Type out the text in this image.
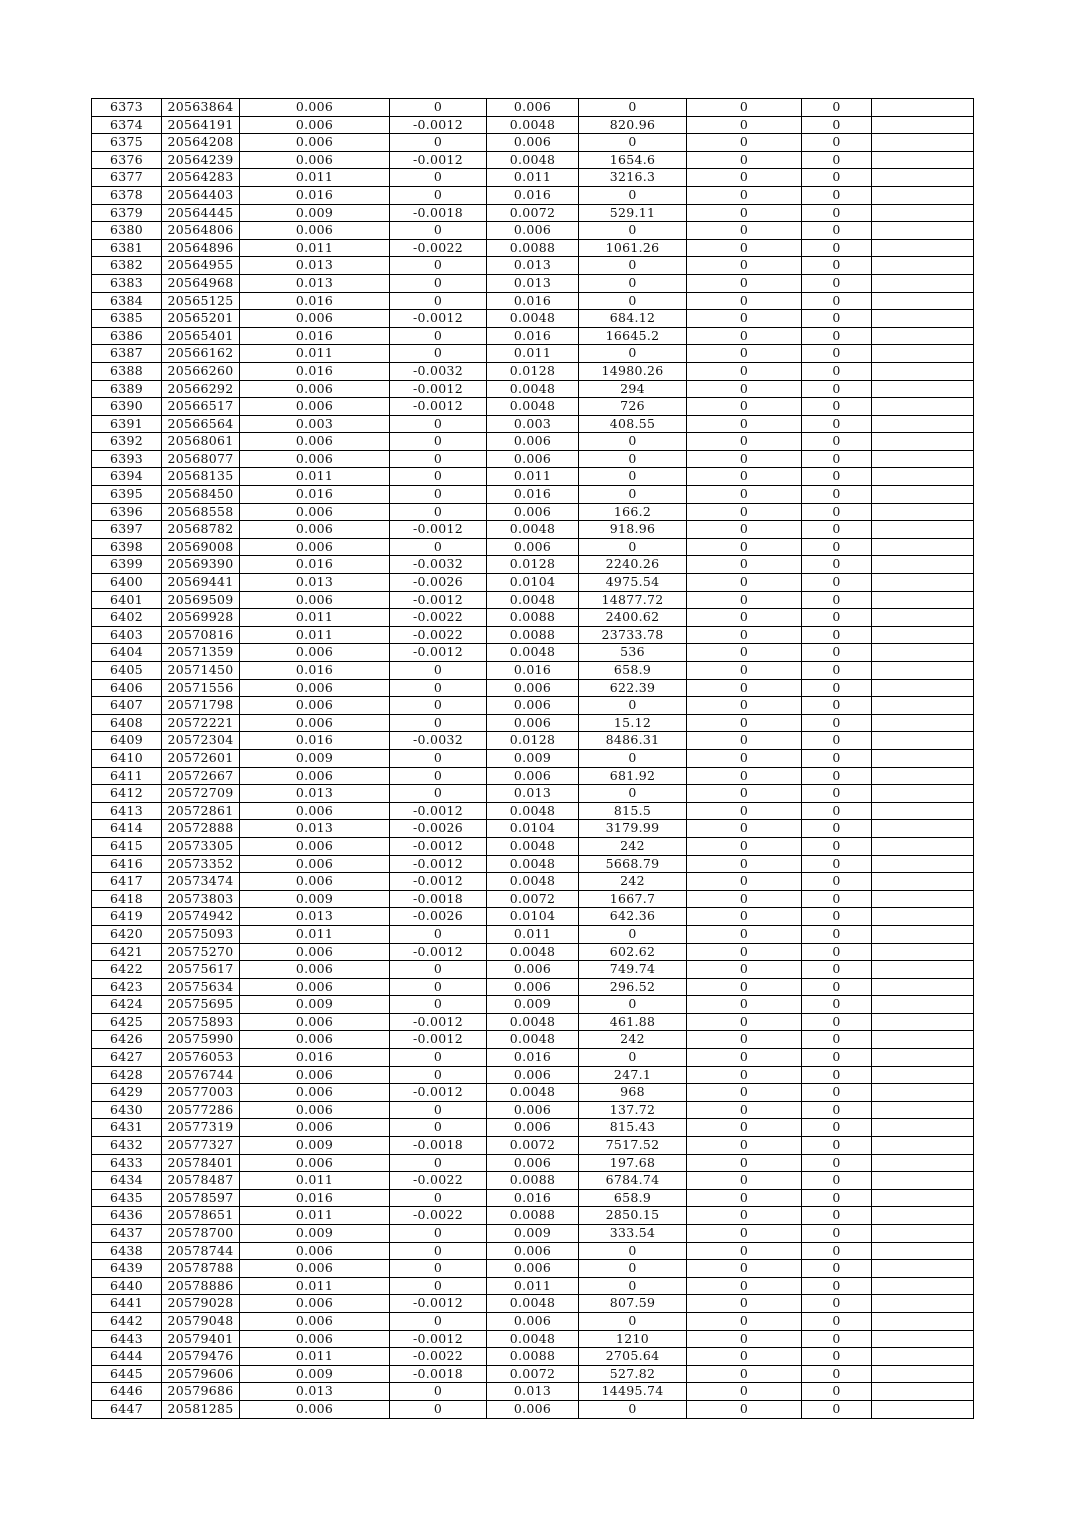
6373	20563864	0.006	0	0.006	0	0	0	
6374	20564191	0.006	-0.0012	0.0048	820.96	0	0	
6375	20564208	0.006	0	0.006	0	0	0	
6376	20564239	0.006	-0.0012	0.0048	1654.6	0	0	
6377	20564283	0.011	0	0.011	3216.3	0	0	
6378	20564403	0.016	0	0.016	0	0	0	
6379	20564445	0.009	-0.0018	0.0072	529.11	0	0	
6380	20564806	0.006	0	0.006	0	0	0	
6381	20564896	0.011	-0.0022	0.0088	1061.26	0	0	
6382	20564955	0.013	0	0.013	0	0	0	
6383	20564968	0.013	0	0.013	0	0	0	
6384	20565125	0.016	0	0.016	0	0	0	
6385	20565201	0.006	-0.0012	0.0048	684.12	0	0	
6386	20565401	0.016	0	0.016	16645.2	0	0	
6387	20566162	0.011	0	0.011	0	0	0	
6388	20566260	0.016	-0.0032	0.0128	14980.26	0	0	
6389	20566292	0.006	-0.0012	0.0048	294	0	0	
6390	20566517	0.006	-0.0012	0.0048	726	0	0	
6391	20566564	0.003	0	0.003	408.55	0	0	
6392	20568061	0.006	0	0.006	0	0	0	
6393	20568077	0.006	0	0.006	0	0	0	
6394	20568135	0.011	0	0.011	0	0	0	
6395	20568450	0.016	0	0.016	0	0	0	
6396	20568558	0.006	0	0.006	166.2	0	0	
6397	20568782	0.006	-0.0012	0.0048	918.96	0	0	
6398	20569008	0.006	0	0.006	0	0	0	
6399	20569390	0.016	-0.0032	0.0128	2240.26	0	0	
6400	20569441	0.013	-0.0026	0.0104	4975.54	0	0	
6401	20569509	0.006	-0.0012	0.0048	14877.72	0	0	
6402	20569928	0.011	-0.0022	0.0088	2400.62	0	0	
6403	20570816	0.011	-0.0022	0.0088	23733.78	0	0	
6404	20571359	0.006	-0.0012	0.0048	536	0	0	
6405	20571450	0.016	0	0.016	658.9	0	0	
6406	20571556	0.006	0	0.006	622.39	0	0	
6407	20571798	0.006	0	0.006	0	0	0	
6408	20572221	0.006	0	0.006	15.12	0	0	
6409	20572304	0.016	-0.0032	0.0128	8486.31	0	0	
6410	20572601	0.009	0	0.009	0	0	0	
6411	20572667	0.006	0	0.006	681.92	0	0	
6412	20572709	0.013	0	0.013	0	0	0	
6413	20572861	0.006	-0.0012	0.0048	815.5	0	0	
6414	20572888	0.013	-0.0026	0.0104	3179.99	0	0	
6415	20573305	0.006	-0.0012	0.0048	242	0	0	
6416	20573352	0.006	-0.0012	0.0048	5668.79	0	0	
6417	20573474	0.006	-0.0012	0.0048	242	0	0	
6418	20573803	0.009	-0.0018	0.0072	1667.7	0	0	
6419	20574942	0.013	-0.0026	0.0104	642.36	0	0	
6420	20575093	0.011	0	0.011	0	0	0	
6421	20575270	0.006	-0.0012	0.0048	602.62	0	0	
6422	20575617	0.006	0	0.006	749.74	0	0	
6423	20575634	0.006	0	0.006	296.52	0	0	
6424	20575695	0.009	0	0.009	0	0	0	
6425	20575893	0.006	-0.0012	0.0048	461.88	0	0	
6426	20575990	0.006	-0.0012	0.0048	242	0	0	
6427	20576053	0.016	0	0.016	0	0	0	
6428	20576744	0.006	0	0.006	247.1	0	0	
6429	20577003	0.006	-0.0012	0.0048	968	0	0	
6430	20577286	0.006	0	0.006	137.72	0	0	
6431	20577319	0.006	0	0.006	815.43	0	0	
6432	20577327	0.009	-0.0018	0.0072	7517.52	0	0	
6433	20578401	0.006	0	0.006	197.68	0	0	
6434	20578487	0.011	-0.0022	0.0088	6784.74	0	0	
6435	20578597	0.016	0	0.016	658.9	0	0	
6436	20578651	0.011	-0.0022	0.0088	2850.15	0	0	
6437	20578700	0.009	0	0.009	333.54	0	0	
6438	20578744	0.006	0	0.006	0	0	0	
6439	20578788	0.006	0	0.006	0	0	0	
6440	20578886	0.011	0	0.011	0	0	0	
6441	20579028	0.006	-0.0012	0.0048	807.59	0	0	
6442	20579048	0.006	0	0.006	0	0	0	
6443	20579401	0.006	-0.0012	0.0048	1210	0	0	
6444	20579476	0.011	-0.0022	0.0088	2705.64	0	0	
6445	20579606	0.009	-0.0018	0.0072	527.82	0	0	
6446	20579686	0.013	0	0.013	14495.74	0	0	
6447	20581285	0.006	0	0.006	0	0	0	
